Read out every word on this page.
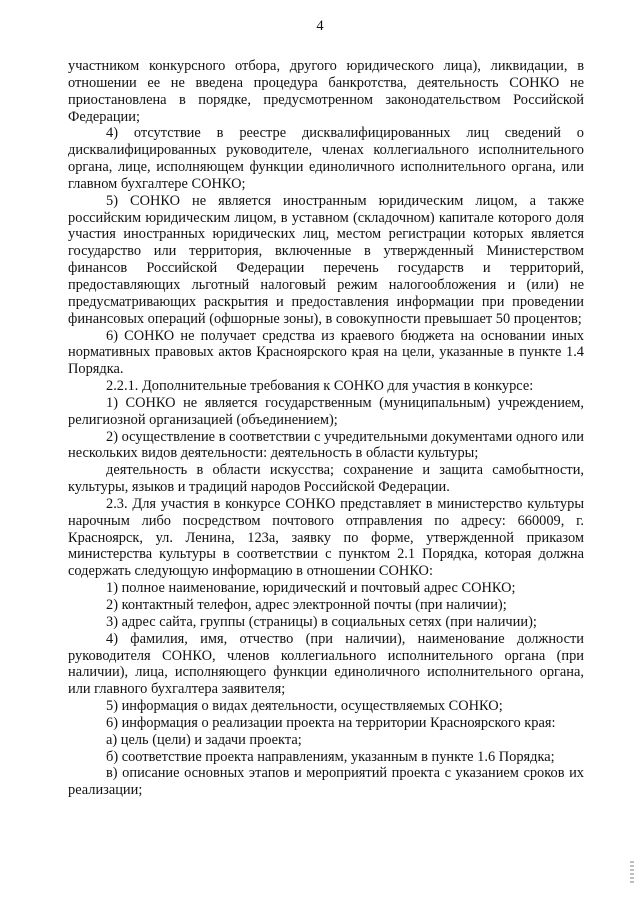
4

участником конкурсного отбора, другого юридического лица), ликвидации, в отношении ее не введена процедура банкротства, деятельность СОНКО не приостановлена в порядке, предусмотренном законодательством Российской Федерации;

4) отсутствие в реестре дисквалифицированных лиц сведений о дисквалифицированных руководителе, членах коллегиального исполнительного органа, лице, исполняющем функции единоличного исполнительного органа, или главном бухгалтере СОНКО;

5) СОНКО не является иностранным юридическим лицом, а также российским юридическим лицом, в уставном (складочном) капитале которого доля участия иностранных юридических лиц, местом регистрации которых является государство или территория, включенные в утвержденный Министерством финансов Российской Федерации перечень государств и территорий, предоставляющих льготный налоговый режим налогообложения и (или) не предусматривающих раскрытия и предоставления информации при проведении финансовых операций (офшорные зоны), в совокупности превышает 50 процентов;

6) СОНКО не получает средства из краевого бюджета на основании иных нормативных правовых актов Красноярского края на цели, указанные в пункте 1.4 Порядка.

2.2.1. Дополнительные требования к СОНКО для участия в конкурсе:

1) СОНКО не является государственным (муниципальным) учреждением, религиозной организацией (объединением);

2) осуществление в соответствии с учредительными документами одного или нескольких видов деятельности: деятельность в области культуры;

деятельность в области искусства; сохранение и защита самобытности, культуры, языков и традиций народов Российской Федерации.

2.3. Для участия в конкурсе СОНКО представляет в министерство культуры нарочным либо посредством почтового отправления по адресу: 660009, г. Красноярск, ул. Ленина, 123а, заявку по форме, утвержденной приказом министерства культуры в соответствии с пунктом 2.1 Порядка, которая должна содержать следующую информацию в отношении СОНКО:

1) полное наименование, юридический и почтовый адрес СОНКО;

2) контактный телефон, адрес электронной почты (при наличии);

3) адрес сайта, группы (страницы) в социальных сетях (при наличии);

4) фамилия, имя, отчество (при наличии), наименование должности руководителя СОНКО, членов коллегиального исполнительного органа (при наличии), лица, исполняющего функции единоличного исполнительного органа, или главного бухгалтера заявителя;

5) информация о видах деятельности, осуществляемых СОНКО;

6) информация о реализации проекта на территории Красноярского края:

а) цель (цели) и задачи проекта;

б) соответствие проекта направлениям, указанным в пункте 1.6 Порядка;

в) описание основных этапов и мероприятий проекта с указанием сроков их реализации;
